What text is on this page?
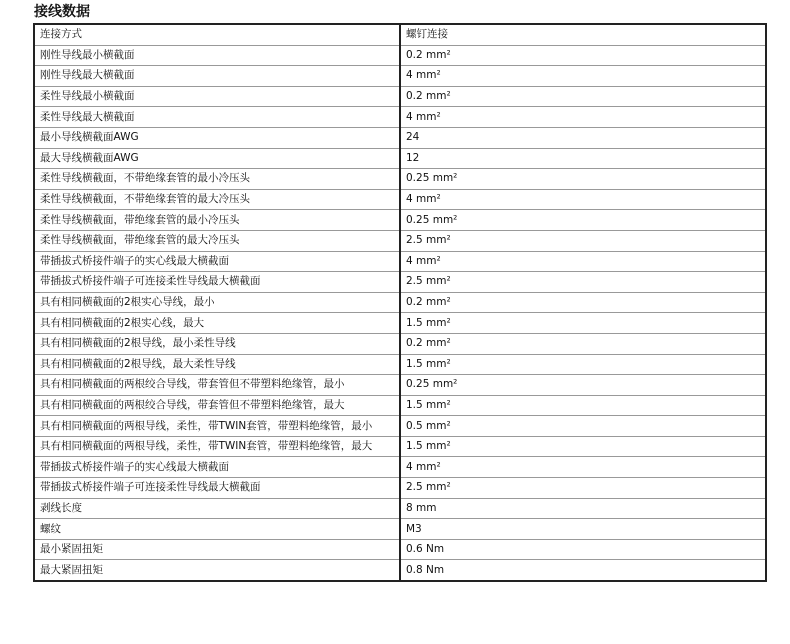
接线数据
连接方式	螺钉连接
刚性导线最小横截面	0.2 mm²
刚性导线最大横截面	4 mm²
柔性导线最小横截面	0.2 mm²
柔性导线最大横截面	4 mm²
最小导线横截面AWG	24
最大导线横截面AWG	12
柔性导线横截面，不带绝缘套管的最小冷压头	0.25 mm²
柔性导线横截面，不带绝缘套管的最大冷压头	4 mm²
柔性导线横截面，带绝缘套管的最小冷压头	0.25 mm²
柔性导线横截面，带绝缘套管的最大冷压头	2.5 mm²
带插拔式桥接件端子的实心线最大横截面	4 mm²
带插拔式桥接件端子可连接柔性导线最大横截面	2.5 mm²
具有相同横截面的2根实心导线，最小	0.2 mm²
具有相同横截面的2根实心线，最大	1.5 mm²
具有相同横截面的2根导线，最小柔性导线	0.2 mm²
具有相同横截面的2根导线，最大柔性导线	1.5 mm²
具有相同横截面的两根绞合导线，带套管但不带塑料绝缘管，最小	0.25 mm²
具有相同横截面的两根绞合导线，带套管但不带塑料绝缘管，最大	1.5 mm²
具有相同横截面的两根导线，柔性，带TWIN套管，带塑料绝缘管，最小	0.5 mm²
具有相同横截面的两根导线，柔性，带TWIN套管，带塑料绝缘管，最大	1.5 mm²
带插拔式桥接件端子的实心线最大横截面	4 mm²
带插拔式桥接件端子可连接柔性导线最大横截面	2.5 mm²
剥线长度	8 mm
螺纹	M3
最小紧固扭矩	0.6 Nm
最大紧固扭矩	0.8 Nm
